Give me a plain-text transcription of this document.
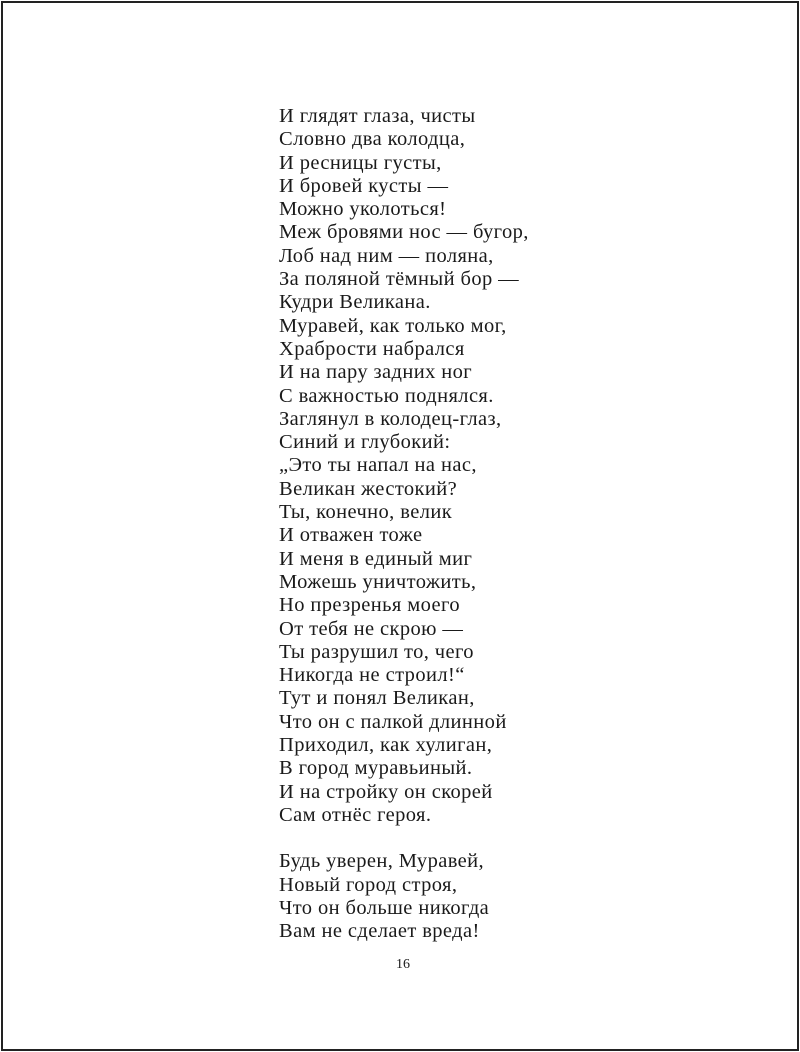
И глядят глаза, чисты
Словно два колодца,
И ресницы густы,
И бровей кусты —
Можно уколоться!
Меж бровями нос — бугор,
Лоб над ним — поляна,
За поляной тёмный бор —
Кудри Великана.
Муравей, как только мог,
Храбрости набрался
И на пару задних ног
С важностью поднялся.
Заглянул в колодец-глаз,
Синий и глубокий:
„Это ты напал на нас,
Великан жестокий?
Ты, конечно, велик
И отважен тоже
И меня в единый миг
Можешь уничтожить,
Но презренья моего
От тебя не скрою —
Ты разрушил то, чего
Никогда не строил!“
Тут и понял Великан,
Что он с палкой длинной
Приходил, как хулиган,
В город муравьиный.
И на стройку он скорей
Сам отнёс героя.
Будь уверен, Муравей,
Новый город строя,
Что он больше никогда
Вам не сделает вреда!
16
